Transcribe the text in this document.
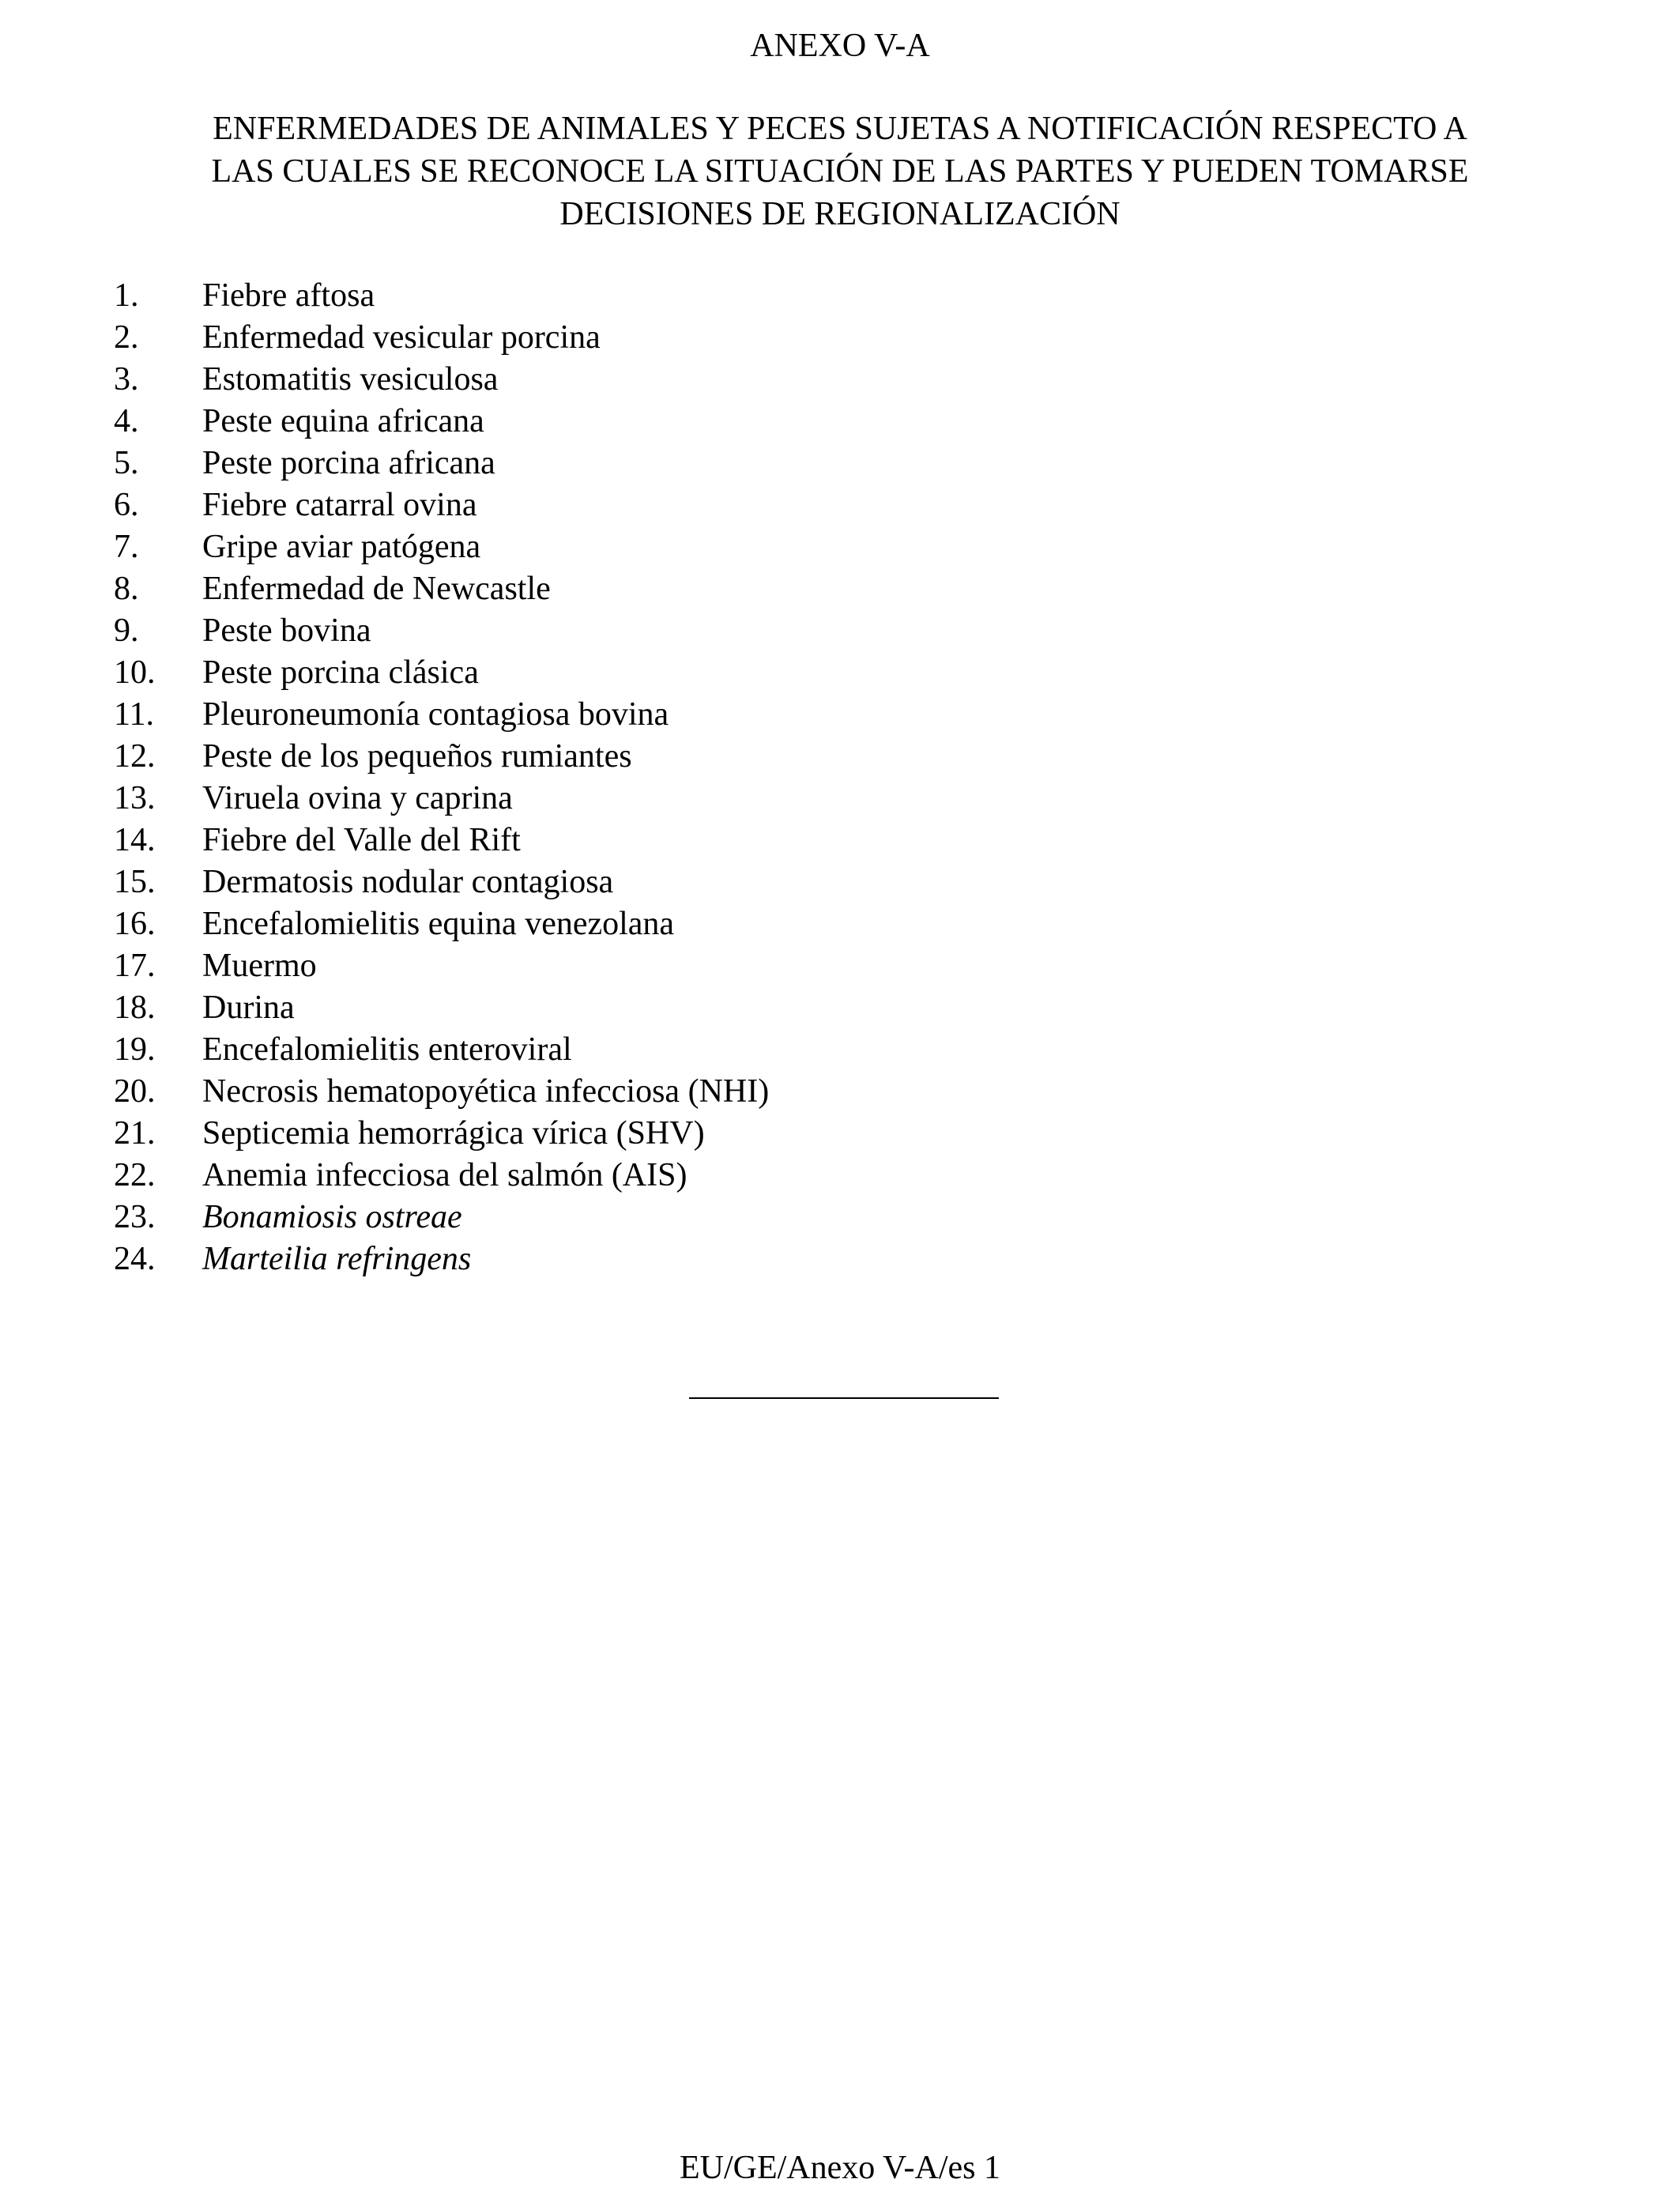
ANEXO V-A
ENFERMEDADES DE ANIMALES Y PECES SUJETAS A NOTIFICACIÓN RESPECTO A
LAS CUALES SE RECONOCE LA SITUACIÓN DE LAS PARTES Y PUEDEN TOMARSE
DECISIONES DE REGIONALIZACIÓN
1. Fiebre aftosa
2. Enfermedad vesicular porcina
3. Estomatitis vesiculosa
4. Peste equina africana
5. Peste porcina africana
6. Fiebre catarral ovina
7. Gripe aviar patógena
8. Enfermedad de Newcastle
9. Peste bovina
10. Peste porcina clásica
11. Pleuroneumonía contagiosa bovina
12. Peste de los pequeños rumiantes
13. Viruela ovina y caprina
14. Fiebre del Valle del Rift
15. Dermatosis nodular contagiosa
16. Encefalomielitis equina venezolana
17. Muermo
18. Durina
19. Encefalomielitis enteroviral
20. Necrosis hematopoyética infecciosa (NHI)
21. Septicemia hemorrágica vírica (SHV)
22. Anemia infecciosa del salmón (AIS)
23. Bonamiosis ostreae
24. Marteilia refringens
EU/GE/Anexo V-A/es 1
